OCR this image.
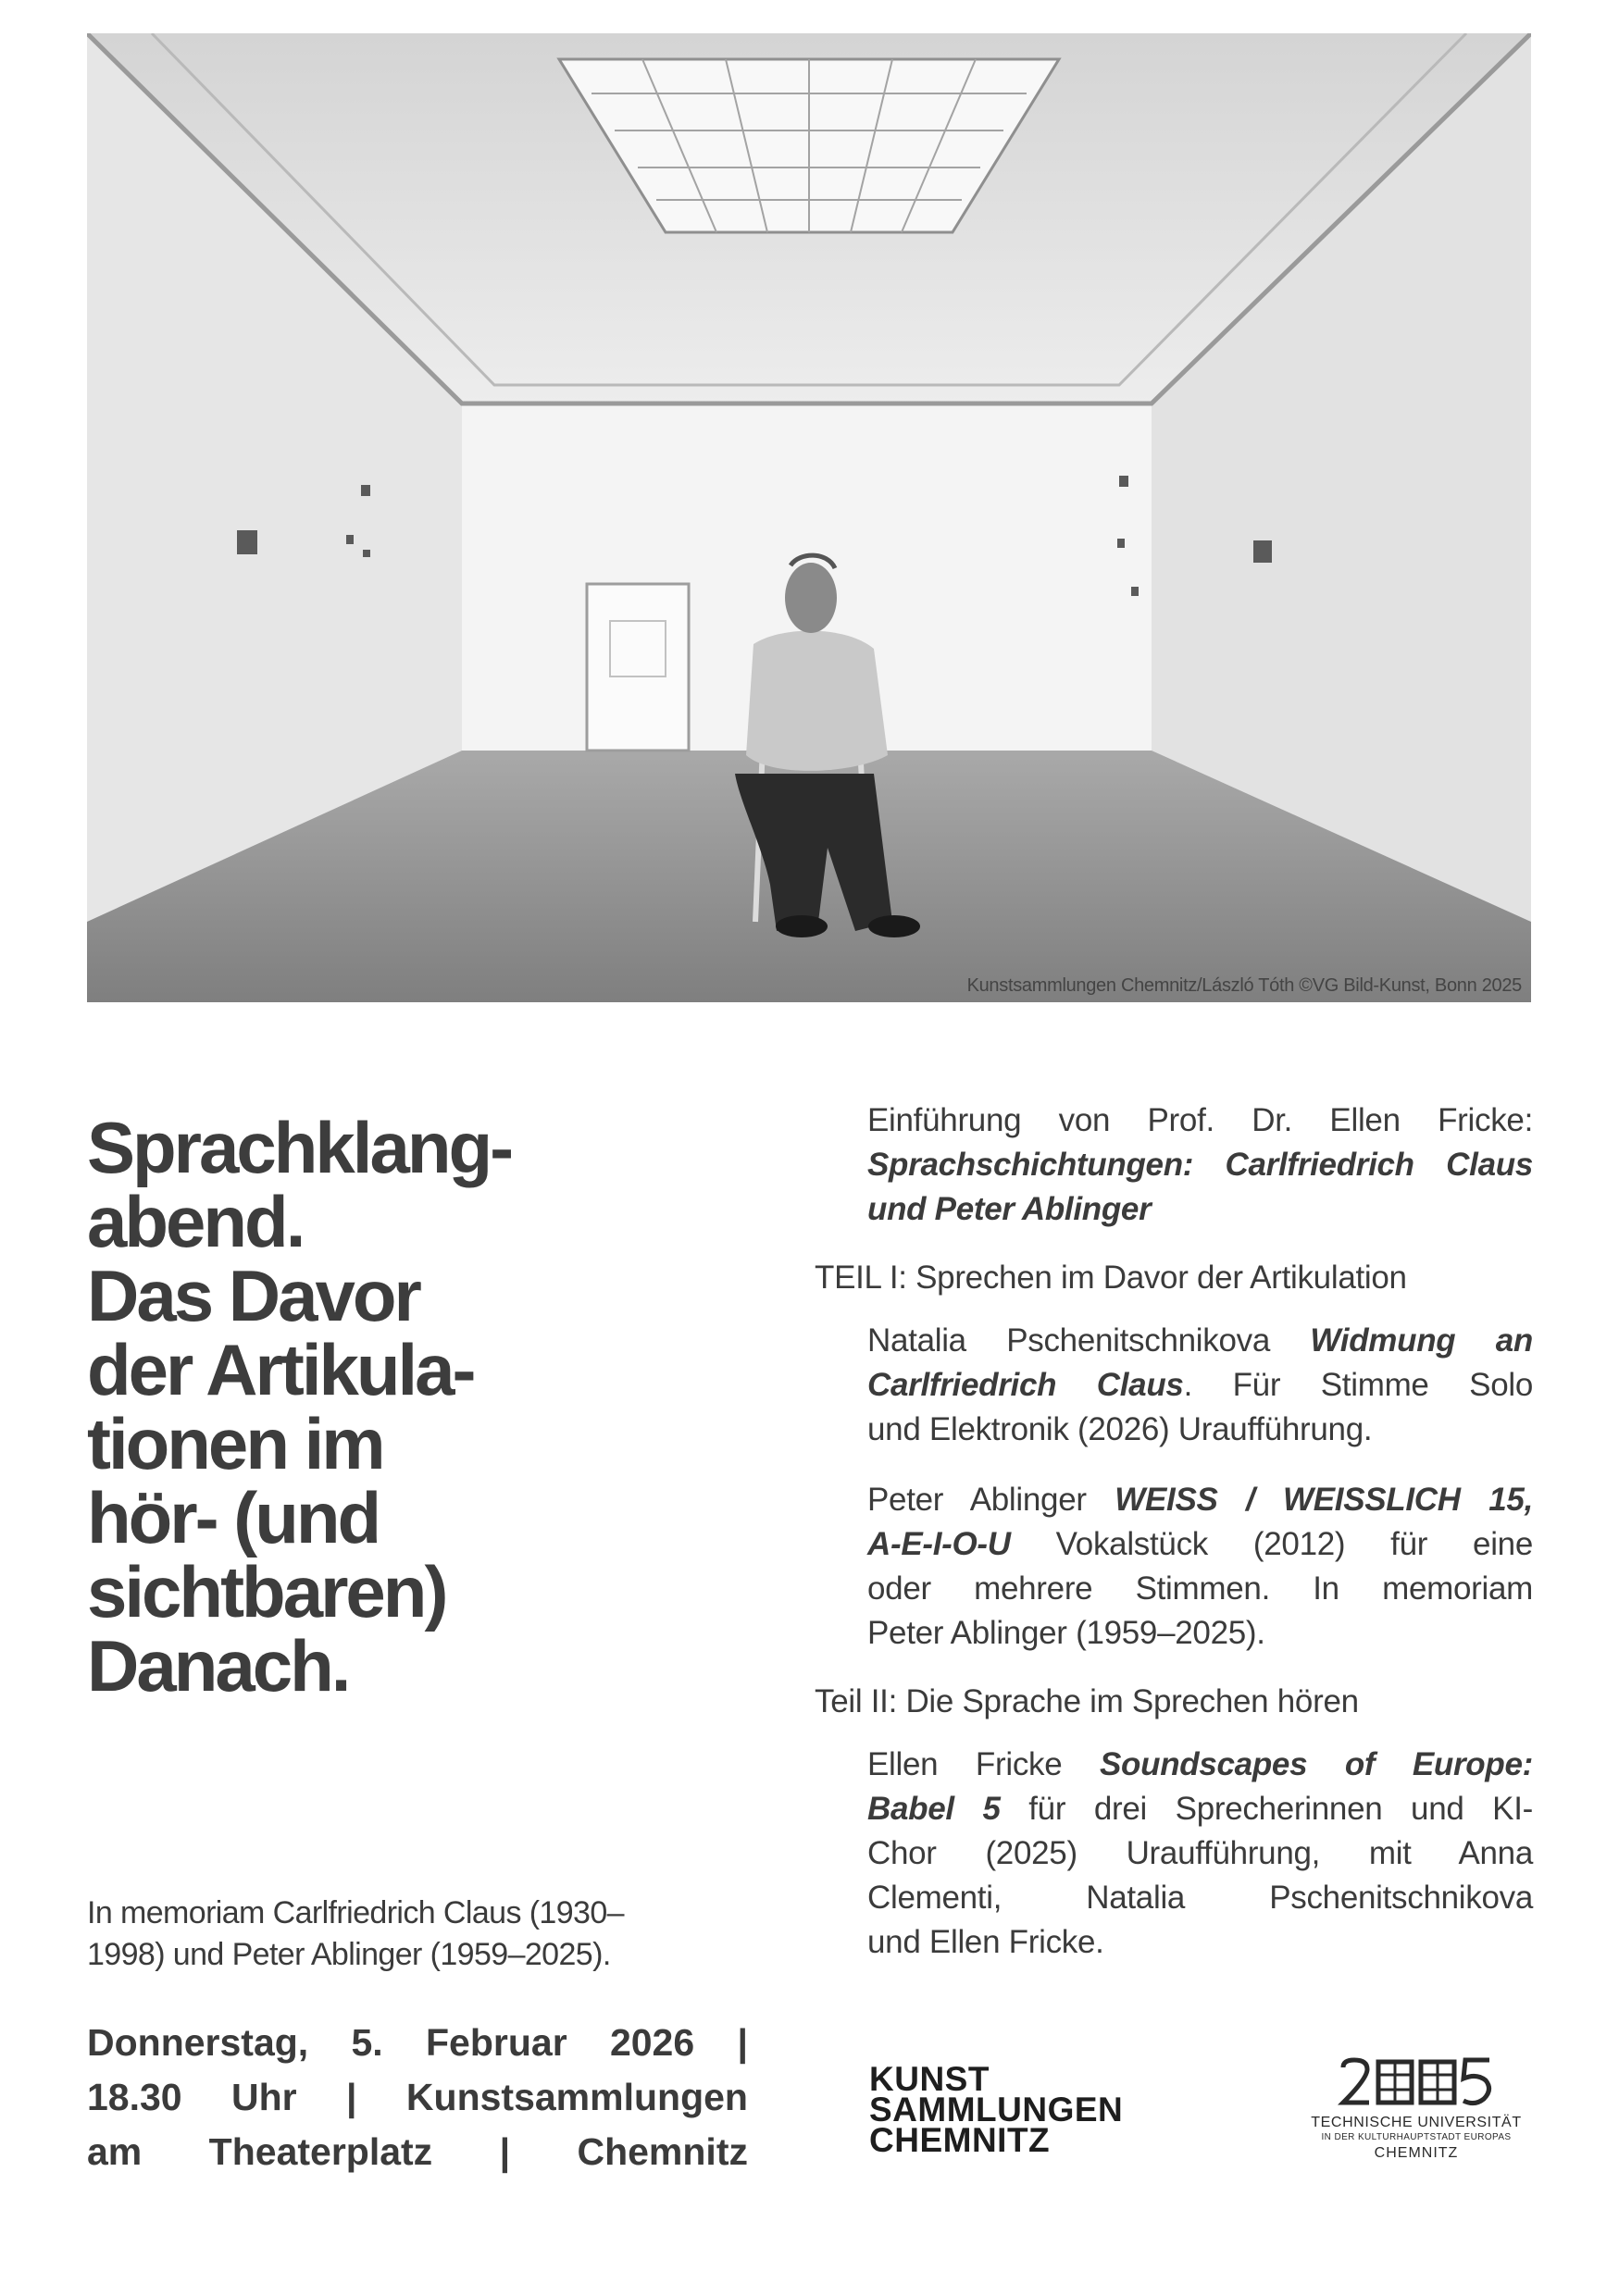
Kunstsammlungen Chemnitz/László Tóth ©VG Bild-Kunst, Bonn 2025
Sprachklang-
abend.
Das Davor
der Artikula-
tionen im
hör- (und
sichtbaren)
Danach.

In memoriam Carlfriedrich Claus (1930–
1998) und Peter Ablinger (1959–2025).

Donnerstag, 5. Februar 2026 |
18.30 Uhr | Kunstsammlungen
am Theaterplatz | Chemnitz

Einführung von Prof. Dr. Ellen Fricke:
Sprachschichtungen: Carlfriedrich Claus
und Peter Ablinger
TEIL I: Sprechen im Davor der Artikulation
Natalia Pschenitschnikova Widmung an
Carlfriedrich Claus. Für Stimme Solo
und Elektronik (2026) Uraufführung.
Peter Ablinger WEISS / WEISSLICH 15,
A-E-I-O-U Vokalstück (2012) für eine
oder mehrere Stimmen. In memoriam
Peter Ablinger (1959–2025).
Teil II: Die Sprache im Sprechen hören
Ellen Fricke Soundscapes of Europe:
Babel 5 für drei Sprecherinnen und KI-
Chor (2025) Uraufführung, mit Anna
Clementi, Natalia Pschenitschnikova
und Ellen Fricke.
KUNST
SAMMLUNGEN
CHEMNITZ	TECHNISCHE UNIVERSITÄT
IN DER KULTURHAUPTSTADT EUROPAS
CHEMNITZ
